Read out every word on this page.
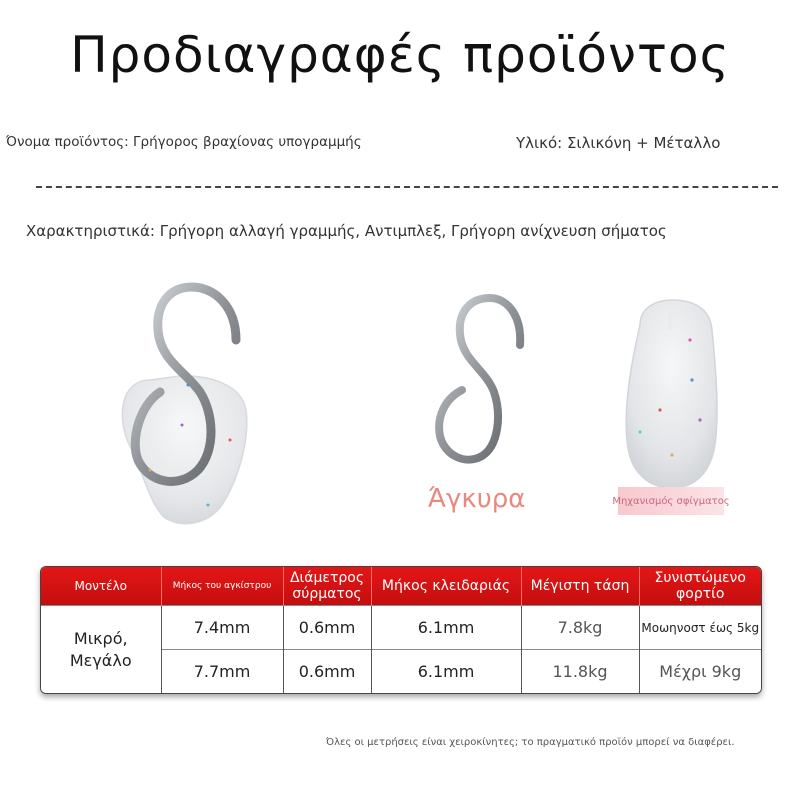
Προδιαγραφές προϊόντος
Όνομα προϊόντος: Γρήγορος βραχίονας υπογραμμής	Υλικό: Σιλικόνη + Μέταλλο
Χαρακτηριστικά: Γρήγορη αλλαγή γραμμής, Αντιμπλεξ, Γρήγορη ανίχνευση σήματος
Άγκυρα	Μηχανισμός σφίγματος
Μοντέλο	Μήκος του αγκίστρου	Διάμετρος σύρματος	Μήκος κλειδαριάς	Μέγιστη τάση	Συνιστώμενο φορτίο
Μικρό, Μεγάλο	7.4mm	0.6mm	6.1mm	7.8kg	Μοωηνοστ έως 5kg
	7.7mm	0.6mm	6.1mm	11.8kg	Μέχρι 9kg
Όλες οι μετρήσεις είναι χειροκίνητες; το πραγματικό προϊόν μπορεί να διαφέρει.
